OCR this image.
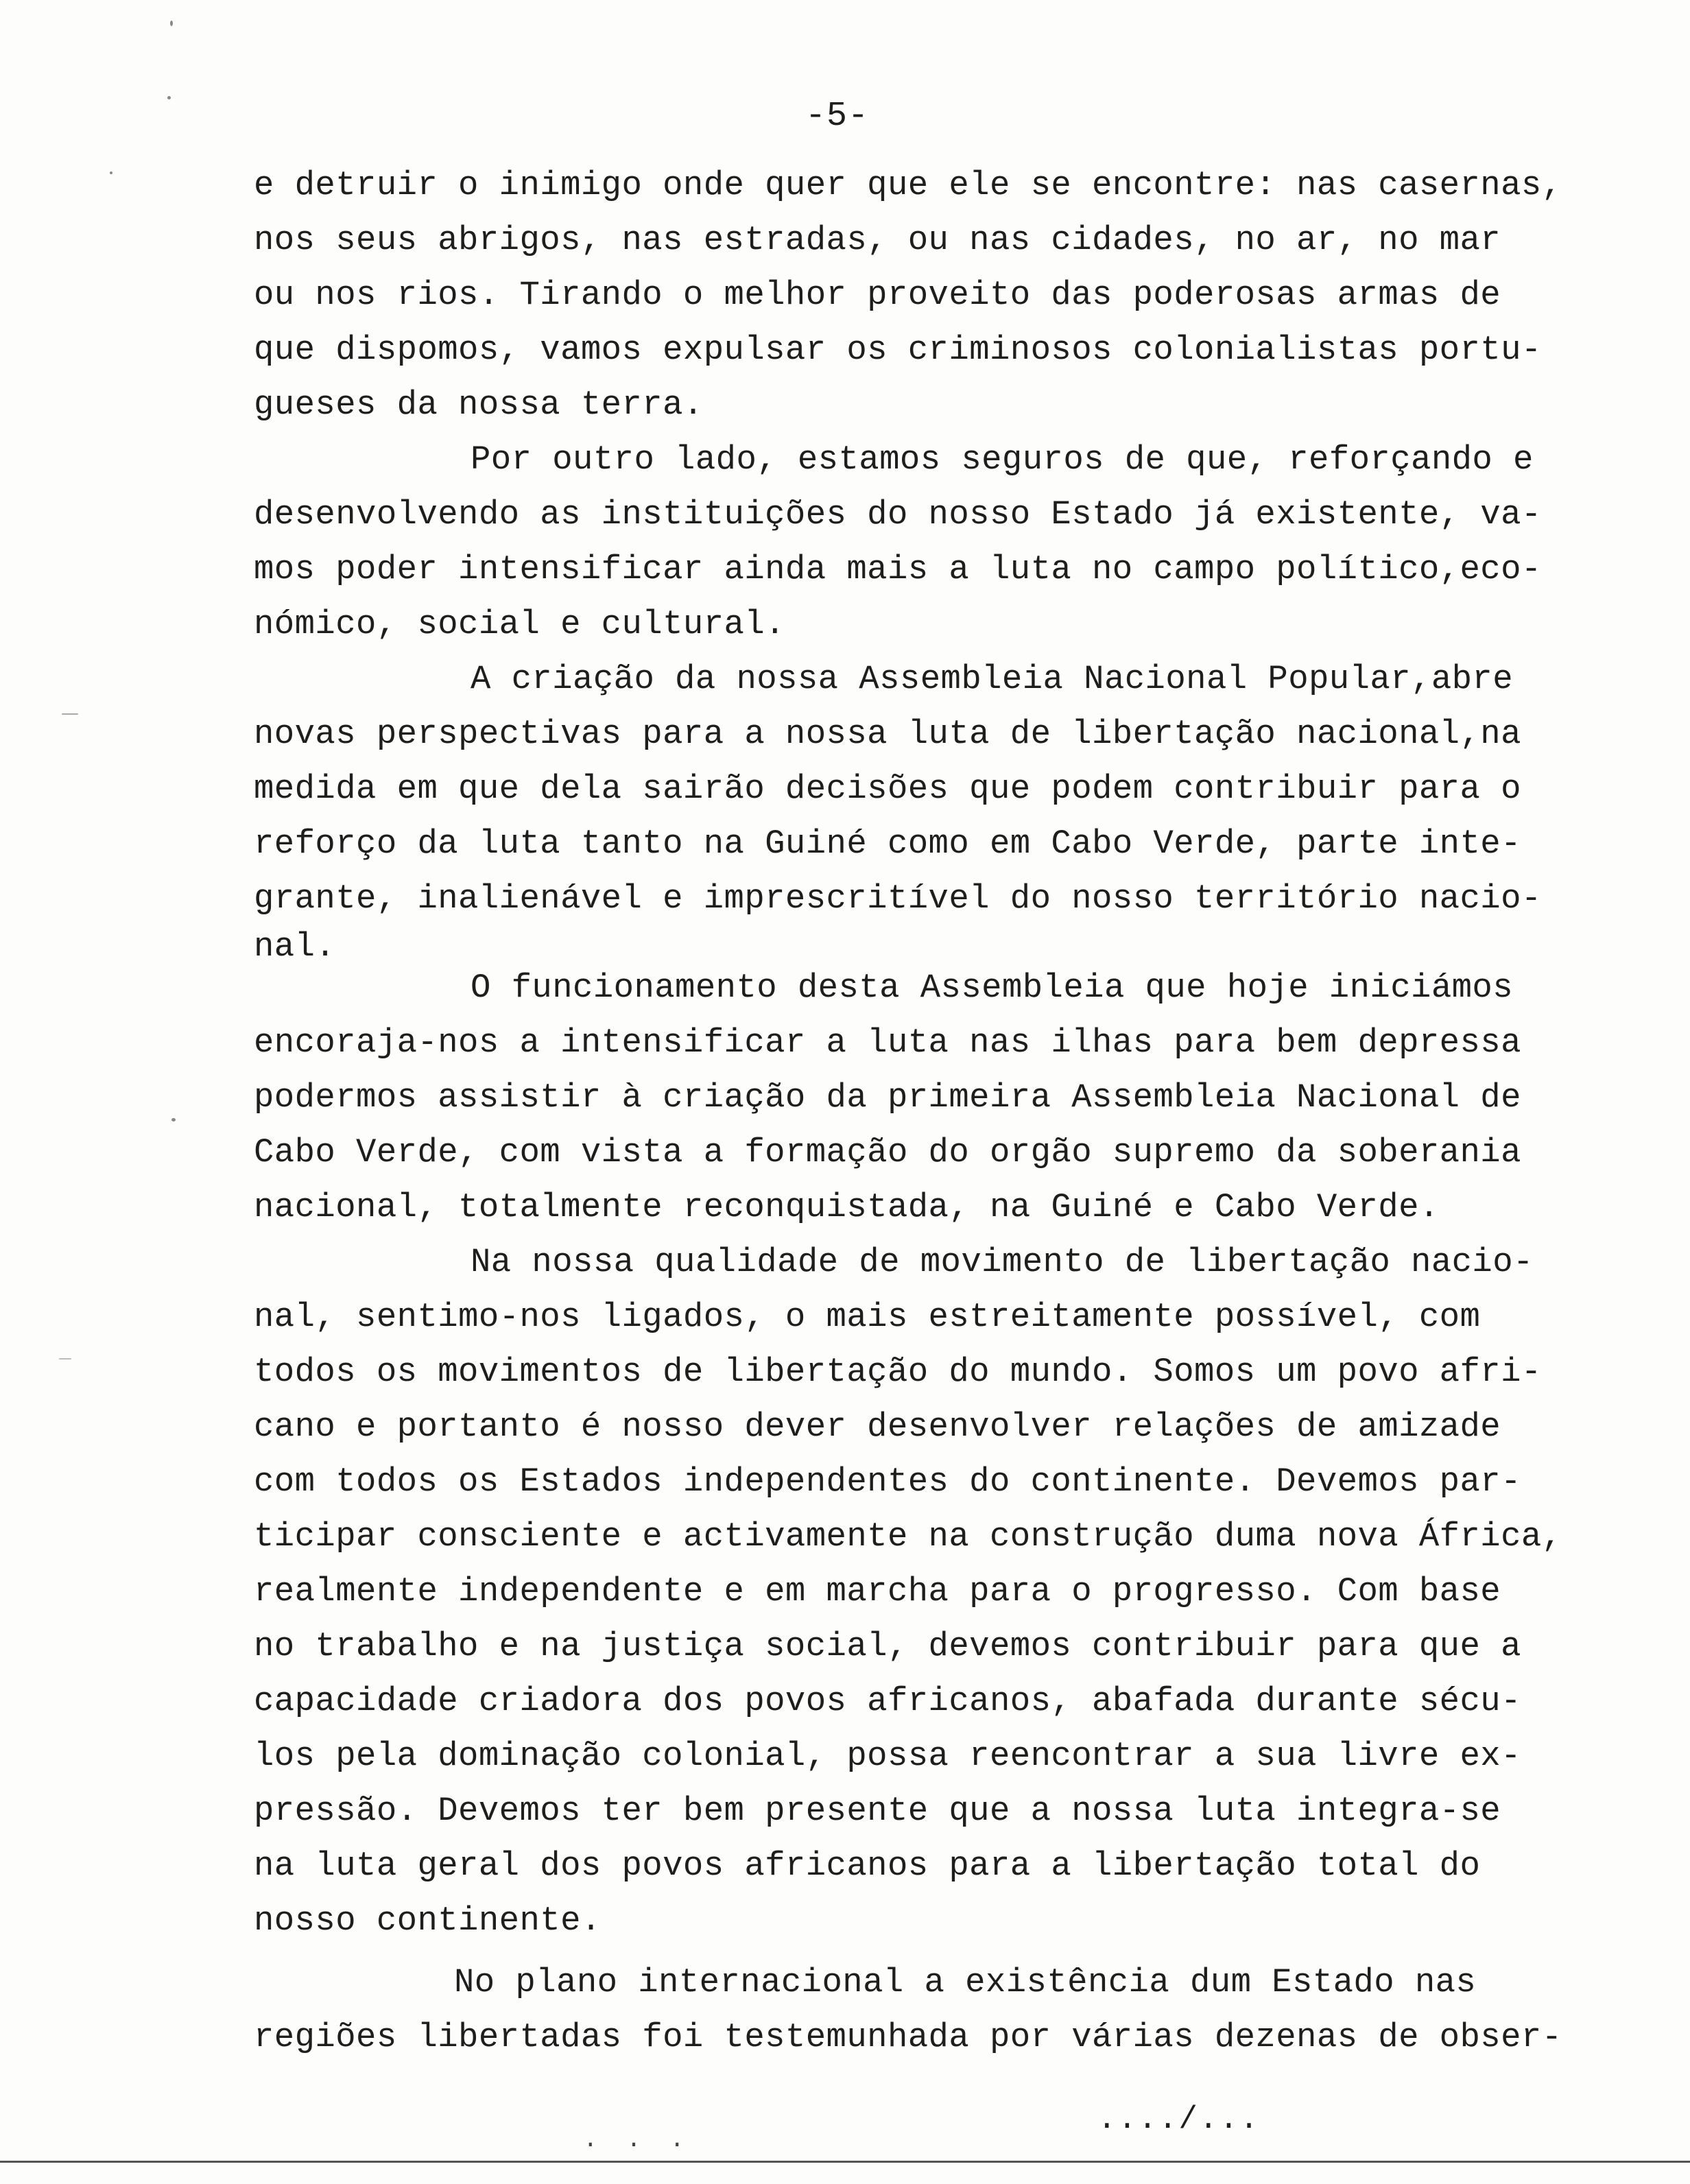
-5-
e detruir o inimigo onde quer que ele se encontre: nas casernas,
nos seus abrigos, nas estradas, ou nas cidades, no ar, no mar
ou nos rios. Tirando o melhor proveito das poderosas armas de
que dispomos, vamos expulsar os criminosos colonialistas portu-
gueses da nossa terra.
Por outro lado, estamos seguros de que, reforçando e
desenvolvendo as instituições do nosso Estado já existente, va-
mos poder intensificar ainda mais a luta no campo político,eco-
nómico, social e cultural.
A criação da nossa Assembleia Nacional Popular,abre
novas perspectivas para a nossa luta de libertação nacional,na
medida em que dela sairão decisões que podem contribuir para o
reforço da luta tanto na Guiné como em Cabo Verde, parte inte-
grante, inalienável e imprescritível do nosso território nacio-
nal.
O funcionamento desta Assembleia que hoje iniciámos
encoraja-nos a intensificar a luta nas ilhas para bem depressa
podermos assistir à criação da primeira Assembleia Nacional de
Cabo Verde, com vista a formação do orgão supremo da soberania
nacional, totalmente reconquistada, na Guiné e Cabo Verde.
Na nossa qualidade de movimento de libertação nacio-
nal, sentimo-nos ligados, o mais estreitamente possível, com
todos os movimentos de libertação do mundo. Somos um povo afri-
cano e portanto é nosso dever desenvolver relações de amizade
com todos os Estados independentes do continente. Devemos par-
ticipar consciente e activamente na construção duma nova África,
realmente independente e em marcha para o progresso. Com base
no trabalho e na justiça social, devemos contribuir para que a
capacidade criadora dos povos africanos, abafada durante sécu-
los pela dominação colonial, possa reencontrar a sua livre ex-
pressão. Devemos ter bem presente que a nossa luta integra-se
na luta geral dos povos africanos para a libertação total do
nosso continente.
No plano internacional a existência dum Estado nas
regiões libertadas foi testemunhada por várias dezenas de obser-
..../...
. . .
